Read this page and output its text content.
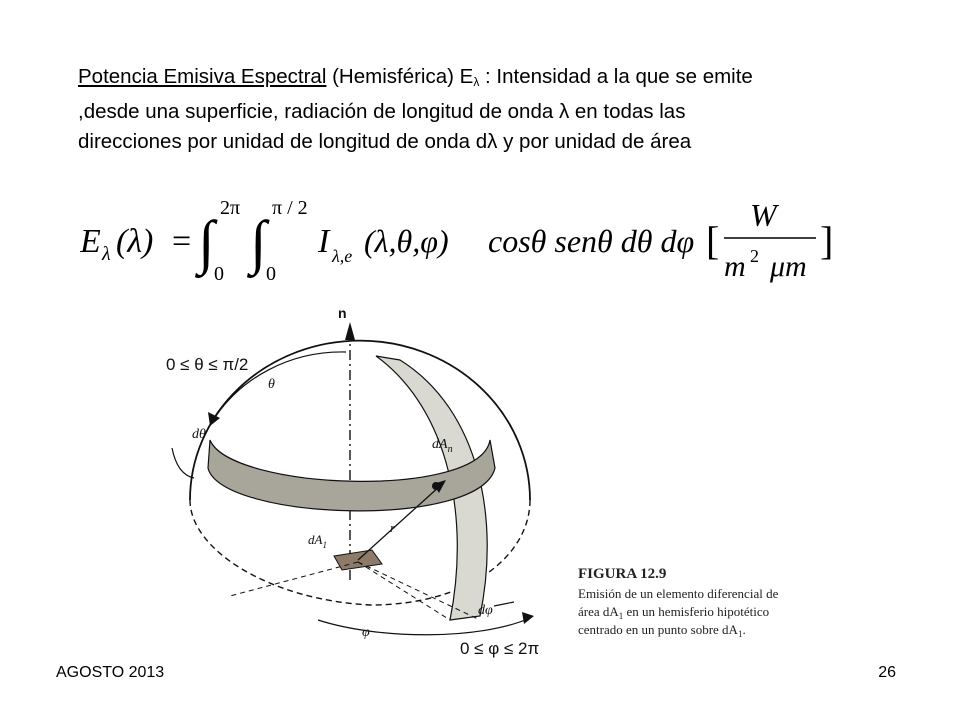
Potencia Emisiva Espectral (Hemisférica) Eλ : Intensidad a la que se emite
,desde una superficie, radiación de longitud de onda λ en todas las
direcciones por unidad de longitud de onda dλ y por unidad de área

E λ (λ) = ∫
2π
0 ∫
π / 2
0
I λ,e (λ,θ,φ) cosθ senθ dθ dφ [
W
m 2 μm
]
n
0 ≤ θ ≤ π/2
θ
dθ
$dA_n$
$dA_1$
r
dφ
φ
0 ≤ φ ≤ 2π
FIGURA 12.9
Emisión de un elemento diferencial de
área $dA_1$ en un hemisferio hipotético
centrado en un punto sobre $dA_1$.
AGOSTO 2013	26
